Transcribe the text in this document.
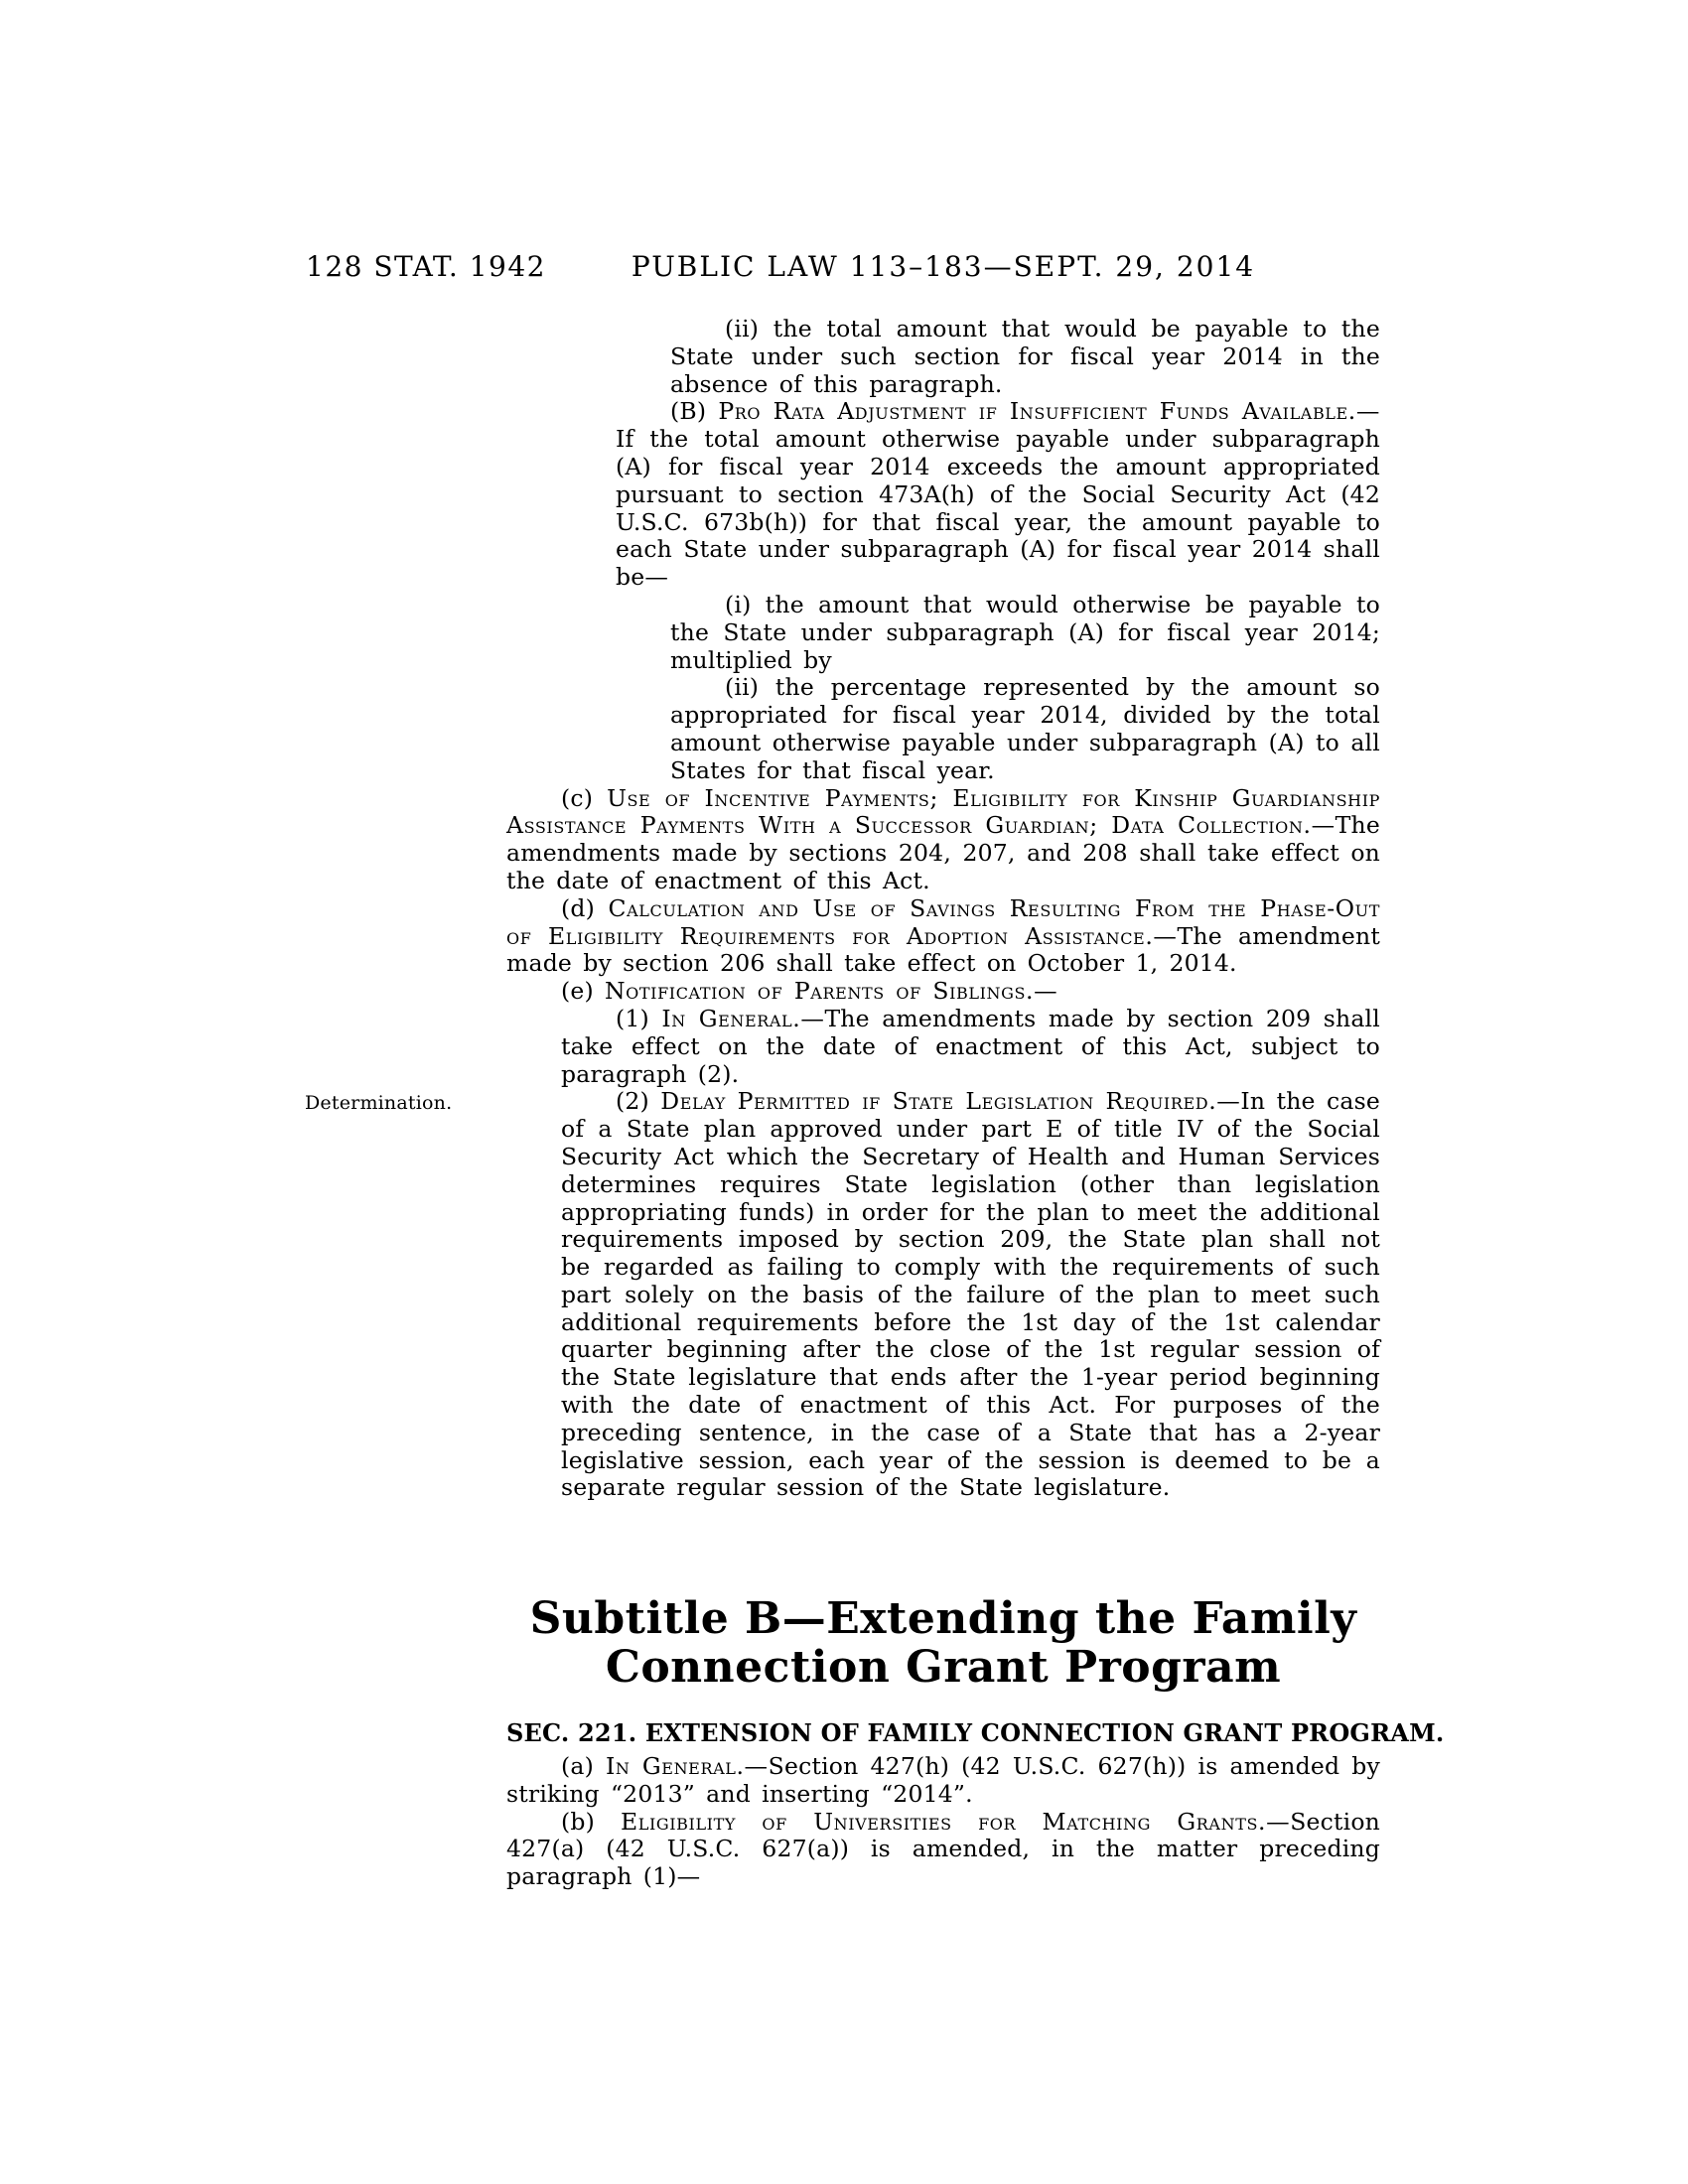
128 STAT. 1942	PUBLIC LAW 113–183—SEPT. 29, 2014

(ii) the total amount that would be payable to the State under such section for fiscal year 2014 in the absence of this paragraph.

(B) Pro Rata Adjustment if Insufficient Funds Available.—If the total amount otherwise payable under subparagraph (A) for fiscal year 2014 exceeds the amount appropriated pursuant to section 473A(h) of the Social Security Act (42 U.S.C. 673b(h)) for that fiscal year, the amount payable to each State under subparagraph (A) for fiscal year 2014 shall be—

(i) the amount that would otherwise be payable to the State under subparagraph (A) for fiscal year 2014; multiplied by

(ii) the percentage represented by the amount so appropriated for fiscal year 2014, divided by the total amount otherwise payable under subparagraph (A) to all States for that fiscal year.

(c) Use of Incentive Payments; Eligibility for Kinship Guardianship Assistance Payments With a Successor Guardian; Data Collection.—The amendments made by sections 204, 207, and 208 shall take effect on the date of enactment of this Act.

(d) Calculation and Use of Savings Resulting From the Phase-Out of Eligibility Requirements for Adoption Assistance.—The amendment made by section 206 shall take effect on October 1, 2014.

(e) Notification of Parents of Siblings.—

(1) In General.—The amendments made by section 209 shall take effect on the date of enactment of this Act, subject to paragraph (2).

Determination.	(2) Delay Permitted if State Legislation Required.—In the case of a State plan approved under part E of title IV of the Social Security Act which the Secretary of Health and Human Services determines requires State legislation (other than legislation appropriating funds) in order for the plan to meet the additional requirements imposed by section 209, the State plan shall not be regarded as failing to comply with the requirements of such part solely on the basis of the failure of the plan to meet such additional requirements before the 1st day of the 1st calendar quarter beginning after the close of the 1st regular session of the State legislature that ends after the 1-year period beginning with the date of enactment of this Act. For purposes of the preceding sentence, in the case of a State that has a 2-year legislative session, each year of the session is deemed to be a separate regular session of the State legislature.

Subtitle B—Extending the Family
Connection Grant Program
SEC. 221. EXTENSION OF FAMILY CONNECTION GRANT PROGRAM.

(a) In General.—Section 427(h) (42 U.S.C. 627(h)) is amended by striking “2013” and inserting “2014”.

(b) Eligibility of Universities for Matching Grants.—Section 427(a) (42 U.S.C. 627(a)) is amended, in the matter preceding paragraph (1)—
